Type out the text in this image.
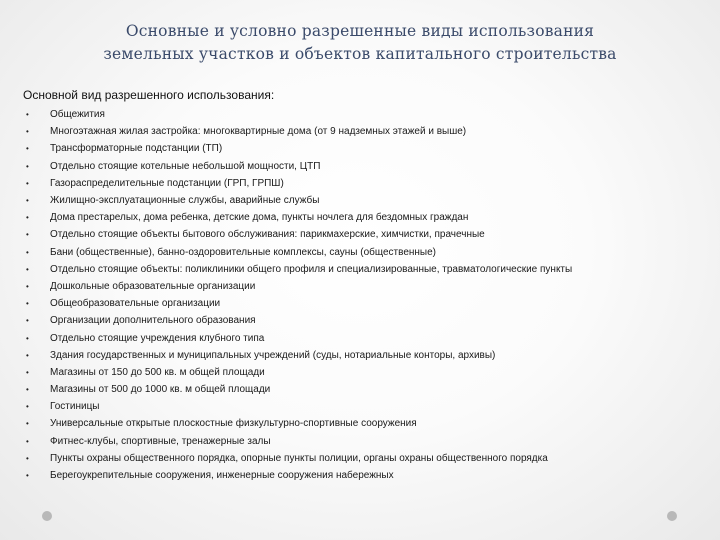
Основные и условно разрешенные виды использования
земельных участков и объектов капитального строительства
Основной вид разрешенного использования:
•	Общежития
•	Многоэтажная жилая застройка: многоквартирные дома (от 9 надземных этажей и выше)
•	Трансформаторные подстанции (ТП)
•	Отдельно стоящие котельные небольшой мощности, ЦТП
•	Газораспределительные подстанции (ГРП, ГРПШ)
•	Жилищно-эксплуатационные службы, аварийные службы
•	Дома престарелых, дома ребенка, детские дома, пункты ночлега для бездомных граждан
•	Отдельно стоящие объекты бытового обслуживания: парикмахерские, химчистки, прачечные
•	Бани (общественные), банно-оздоровительные комплексы, сауны (общественные)
•	Отдельно стоящие объекты: поликлиники общего профиля и специализированные, травматологические пункты
•	Дошкольные образовательные организации
•	Общеобразовательные организации
•	Организации дополнительного образования
•	Отдельно стоящие учреждения клубного типа
•	Здания государственных и муниципальных учреждений (суды, нотариальные конторы, архивы)
•	Магазины от 150 до 500 кв. м общей площади
•	Магазины от 500 до 1000 кв. м общей площади
•	Гостиницы
•	Универсальные открытые плоскостные физкультурно-спортивные сооружения
•	Фитнес-клубы, спортивные, тренажерные залы
•	Пункты охраны общественного порядка, опорные пункты полиции, органы охраны общественного порядка
•	Берегоукрепительные сооружения, инженерные сооружения набережных
